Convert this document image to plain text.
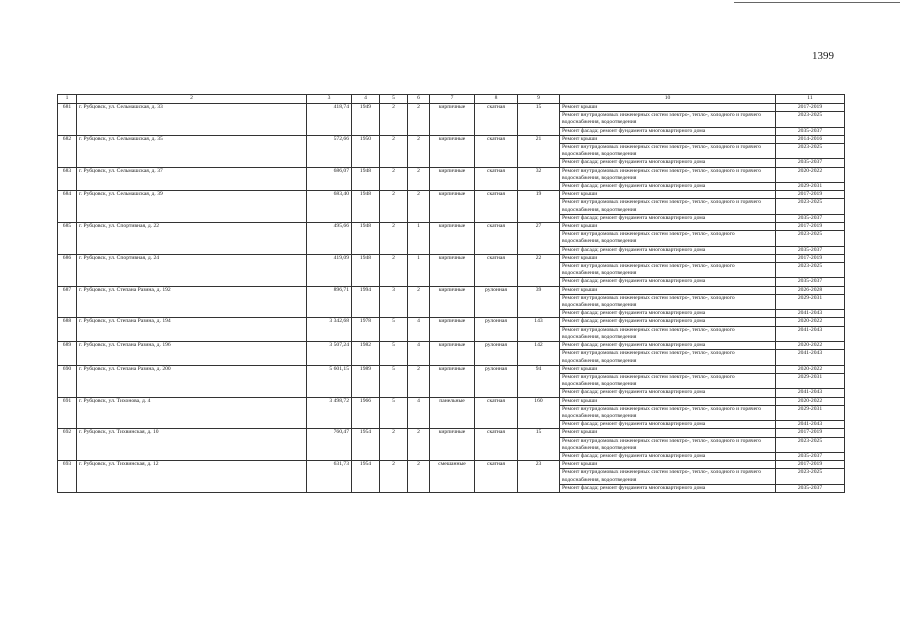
1399
1	2	3	4	5	6	7	8	9	10	11
681	г. Рубцовск, ул. Сельмашская, д. 33	418,74	1949	2	2	кирпичные	скатная	15	Ремонт крыши	2017-2019
									Ремонт внутридомовых инженерных систем электро-, тепло-, холодного и горячего водоснабжения, водоотведения	2023-2025
									Ремонт фасада; ремонт фундамента многоквартирного дома	2035-2037
682	г. Рубцовск, ул. Сельмашская, д. 35	572,66	1950	2	2	кирпичные	скатная	21	Ремонт крыши	2014-2016
									Ремонт внутридомовых инженерных систем электро-, тепло-, холодного и горячего водоснабжения, водоотведения	2023-2025
									Ремонт фасада; ремонт фундамента многоквартирного дома	2035-2037
683	г. Рубцовск, ул. Сельмашская, д. 37	686,07	1948	2	2	кирпичные	скатная	32	Ремонт внутридомовых инженерных систем электро-, тепло-, холодного и горячего водоснабжения, водоотведения	2020-2022
									Ремонт фасада; ремонт фундамента многоквартирного дома	2029-2031
684	г. Рубцовск, ул. Сельмашская, д. 39	683,40	1948	2	2	кирпичные	скатная	19	Ремонт крыши	2017-2019
									Ремонт внутридомовых инженерных систем электро-, тепло-, холодного и горячего водоснабжения, водоотведения	2023-2025
									Ремонт фасада; ремонт фундамента многоквартирного дома	2035-2037
685	г. Рубцовск, ул. Спортивная, д. 22	495,66	1948	2	1	кирпичные	скатная	27	Ремонт крыши	2017-2019
									Ремонт внутридомовых инженерных систем электро-, тепло-, холодного водоснабжения, водоотведения	2023-2025
									Ремонт фасада; ремонт фундамента многоквартирного дома	2035-2037
686	г. Рубцовск, ул. Спортивная, д. 24	419,09	1948	2	1	кирпичные	скатная	22	Ремонт крыши	2017-2019
									Ремонт внутридомовых инженерных систем электро-, тепло-, холодного водоснабжения, водоотведения	2023-2025
									Ремонт фасада; ремонт фундамента многоквартирного дома	2035-2037
687	г. Рубцовск, ул. Степана Разина, д. 192	896,71	1994	3	2	кирпичные	рулонная	39	Ремонт крыши	2026-2028
									Ремонт внутридомовых инженерных систем электро-, тепло-, холодного водоснабжения, водоотведения	2029-2031
									Ремонт фасада; ремонт фундамента многоквартирного дома	2041-2043
688	г. Рубцовск, ул. Степана Разина, д. 194	3 342,68	1978	5	4	кирпичные	рулонная	143	Ремонт фасада; ремонт фундамента многоквартирного дома	2020-2022
									Ремонт внутридомовых инженерных систем электро-, тепло-, холодного водоснабжения, водоотведения	2041-2043
689	г. Рубцовск, ул. Степана Разина, д. 196	3 507,24	1982	5	4	кирпичные	рулонная	142	Ремонт фасада; ремонт фундамента многоквартирного дома	2020-2022
									Ремонт внутридомовых инженерных систем электро-, тепло-, холодного водоснабжения, водоотведения	2041-2043
690	г. Рубцовск, ул. Степана Разина, д. 200	5 601,15	1989	5	2	кирпичные	рулонная	94	Ремонт крыши	2020-2022
									Ремонт внутридомовых инженерных систем электро-, тепло-, холодного водоснабжения, водоотведения	2029-2031
									Ремонт фасада; ремонт фундамента многоквартирного дома	2041-2043
691	г. Рубцовск, ул. Тихонова, д. 4	3 498,72	1966	5	4	панельные	скатная	160	Ремонт крыши	2020-2022
									Ремонт внутридомовых инженерных систем электро-, тепло-, холодного и горячего водоснабжения, водоотведения	2029-2031
									Ремонт фасада; ремонт фундамента многоквартирного дома	2041-2043
692	г. Рубцовск, ул. Тихвинская, д. 10	760,47	1954	2	2	кирпичные	скатная	15	Ремонт крыши	2017-2019
									Ремонт внутридомовых инженерных систем электро-, тепло-, холодного и горячего водоснабжения, водоотведения	2023-2025
									Ремонт фасада; ремонт фундамента многоквартирного дома	2035-2037
693	г. Рубцовск, ул. Тихвинская, д. 12	631,73	1954	2	2	смешанные	скатная	23	Ремонт крыши	2017-2019
									Ремонт внутридомовых инженерных систем электро-, тепло-, холодного и горячего водоснабжения, водоотведения	2023-2025
									Ремонт фасада; ремонт фундамента многоквартирного дома	2035-2037
